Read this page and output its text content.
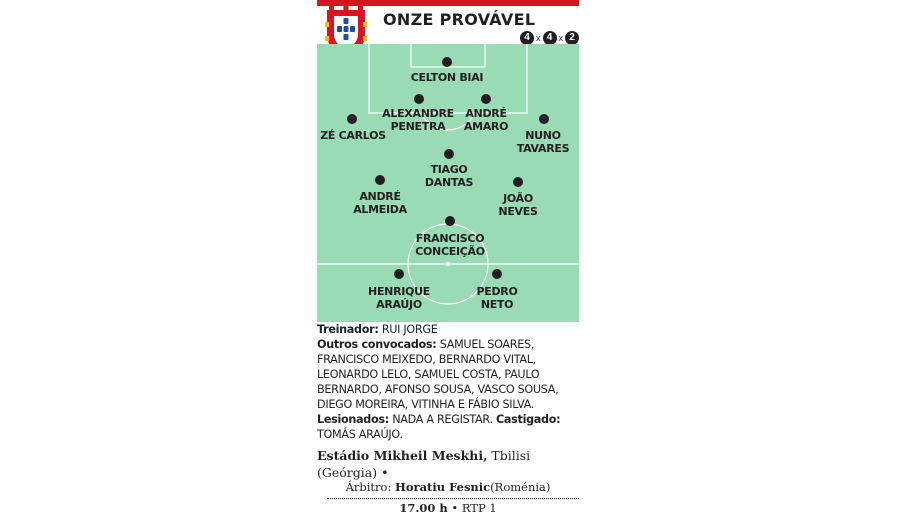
ONZE PROVÁVEL
4 x 4 x 2
CELTON BIAI
ALEXANDRE
PENETRA
ANDRÉ
AMARO
ZÉ CARLOS	NUNO
TAVARES
TIAGO
DANTAS
ANDRÉ
ALMEIDA
JOÃO
NEVES
FRANCISCO
CONCEIÇÃO
HENRIQUE
ARAÚJO
PEDRO
NETO
Treinador: RUI JORGE
Outros convocados: SAMUEL SOARES, FRANCISCO MEIXEDO, BERNARDO VITAL, LEONARDO LELO, SAMUEL COSTA, PAULO BERNARDO, AFONSO SOUSA, VASCO SOUSA, DIEGO MOREIRA, VITINHA E FÁBIO SILVA.
Lesionados: NADA A REGISTAR. Castigado: TOMÁS ARAÚJO.
Estádio Mikheil Meskhi, Tbilisi (Geórgia) •
Árbitro: Horatiu Fesnic(Roménia)
17.00 h • RTP 1
